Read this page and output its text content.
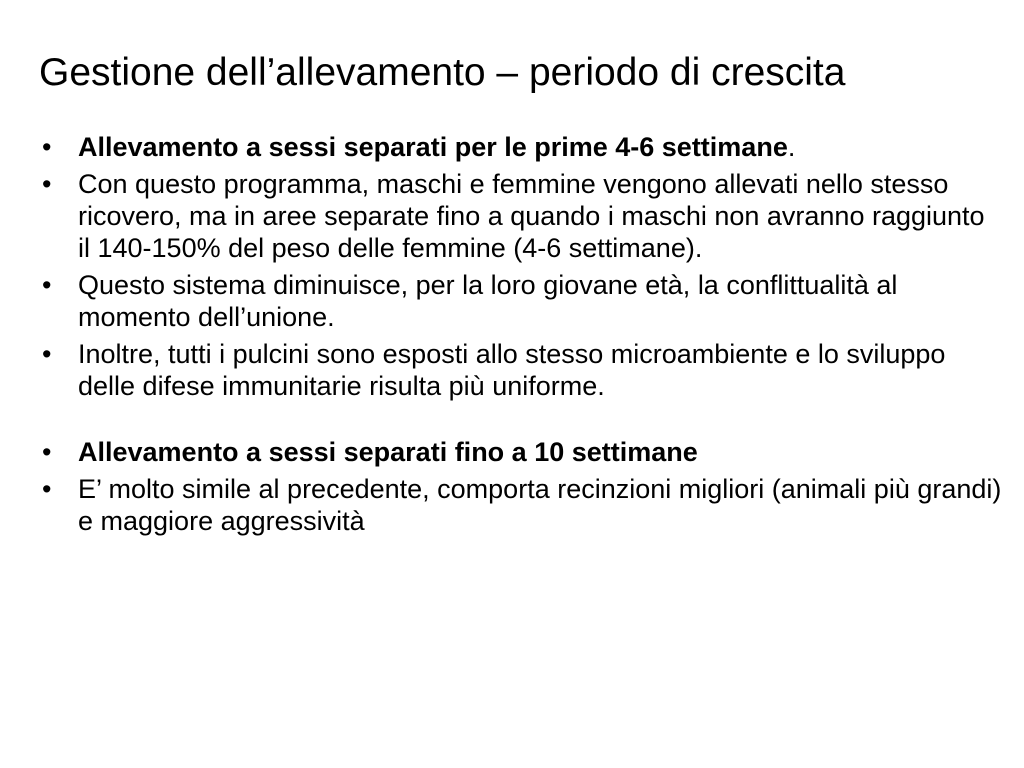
Gestione dell’allevamento – periodo di crescita
• Allevamento a sessi separati per le prime 4-6 settimane.
• Con questo programma, maschi e femmine vengono allevati nello stesso ricovero, ma in aree separate fino a quando i maschi non avranno raggiunto il 140-150% del peso delle femmine (4-6 settimane).
• Questo sistema diminuisce, per la loro giovane età, la conflittualità al momento dell’unione.
• Inoltre, tutti i pulcini sono esposti allo stesso microambiente e lo sviluppo delle difese immunitarie risulta più uniforme.
• Allevamento a sessi separati fino a 10 settimane
• E’ molto simile al precedente, comporta recinzioni migliori (animali più grandi) e maggiore aggressività
